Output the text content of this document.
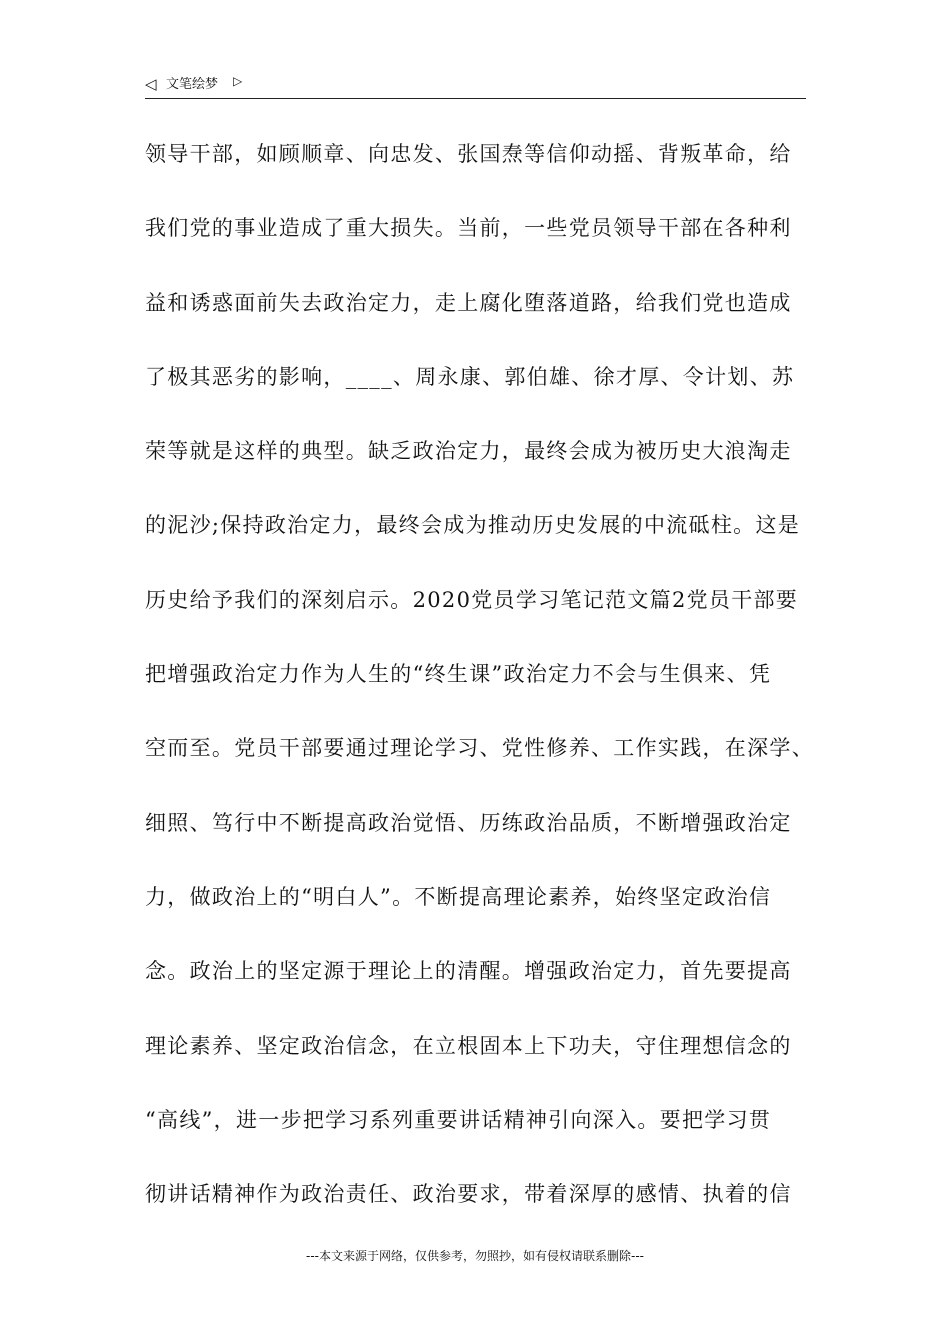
◁ 文笔绘梦 ▷
领导干部，如顾顺章、向忠发、张国焘等信仰动摇、背叛革命，给
我们党的事业造成了重大损失。当前，一些党员领导干部在各种利
益和诱惑面前失去政治定力，走上腐化堕落道路，给我们党也造成
了极其恶劣的影响，____、周永康、郭伯雄、徐才厚、令计划、苏
荣等就是这样的典型。缺乏政治定力，最终会成为被历史大浪淘走
的泥沙;保持政治定力，最终会成为推动历史发展的中流砥柱。这是
历史给予我们的深刻启示。2020党员学习笔记范文篇2党员干部要
把增强政治定力作为人生的“终生课”政治定力不会与生俱来、凭
空而至。党员干部要通过理论学习、党性修养、工作实践，在深学、
细照、笃行中不断提高政治觉悟、历练政治品质，不断增强政治定
力，做政治上的“明白人”。不断提高理论素养，始终坚定政治信
念。政治上的坚定源于理论上的清醒。增强政治定力，首先要提高
理论素养、坚定政治信念，在立根固本上下功夫，守住理想信念的
“高线”，进一步把学习系列重要讲话精神引向深入。要把学习贯
彻讲话精神作为政治责任、政治要求，带着深厚的感情、执着的信
---本文来源于网络，仅供参考，勿照抄，如有侵权请联系删除---
